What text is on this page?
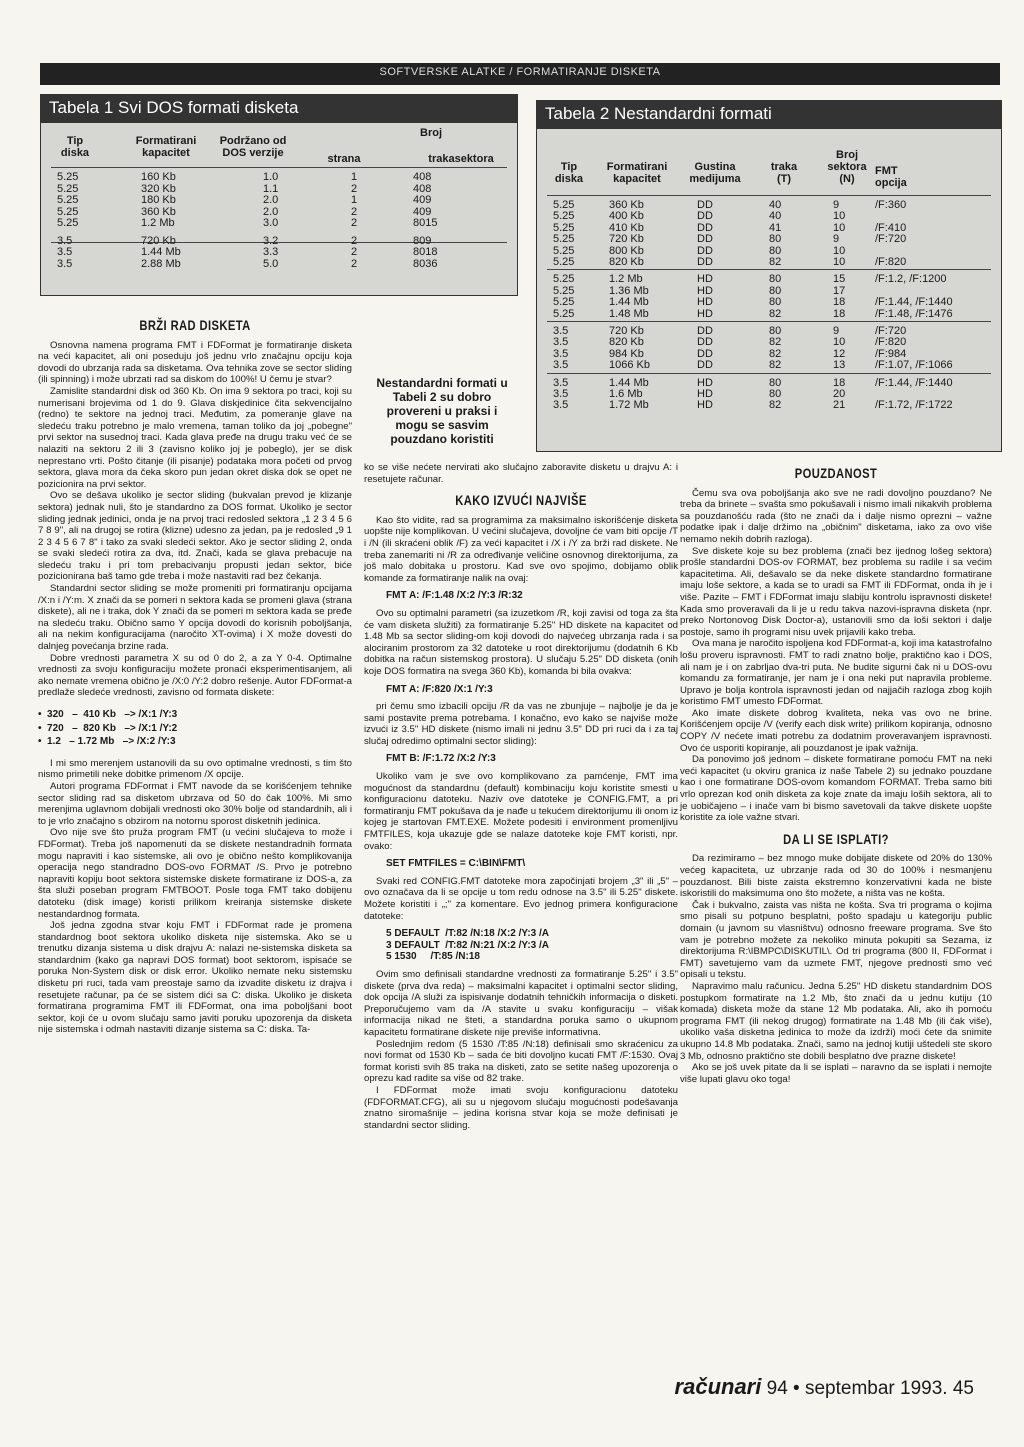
SOFTVERSKE ALATKE / FORMATIRANJE DISKETA
Tabela 1 Svi DOS formati disketa
Broj
Tip diska
Formatirani kapacitet
Podržano od DOS verzije	strana	trakasektora
5.25	160 Kb	1.0	1	408
5.25	320 Kb	1.1	2	408
5.25	180 Kb	2.0	1	409
5.25	360 Kb	2.0	2	409
5.25	1.2 Mb	3.0	2	8015
3.5	720 Kb	3.2	2	809
3.5	1.44 Mb	3.3	2	8018
3.5	2.88 Mb	5.0	2	8036
Tabela 2 Nestandardni formati
Broj sektora (N)
Tip diska
Formatirani kapacitet
Gustina medijuma
traka (T)
FMT opcija
5.25	360 Kb	DD	40	9	/F:360
5.25	400 Kb	DD	40	10
5.25	410 Kb	DD	41	10	/F:410
5.25	720 Kb	DD	80	9	/F:720
5.25	800 Kb	DD	80	10
5.25	820 Kb	DD	82	10	/F:820
5.25	1.2 Mb	HD	80	15	/F:1.2, /F:1200
5.25	1.36 Mb	HD	80	17
5.25	1.44 Mb	HD	80	18	/F:1.44, /F:1440
5.25	1.48 Mb	HD	82	18	/F:1.48, /F:1476
3.5	720 Kb	DD	80	9	/F:720
3.5	820 Kb	DD	82	10	/F:820
3.5	984 Kb	DD	82	12	/F:984
3.5	1066 Kb	DD	82	13	/F:1.07, /F:1066
3.5	1.44 Mb	HD	80	18	/F:1.44, /F:1440
3.5	1.6 Mb	HD	80	20
3.5	1.72 Mb	HD	82	21	/F:1.72, /F:1722
Nestandardni formati u Tabeli 2 su dobro provereni u praksi i mogu se sasvim pouzdano koristiti
BRŽI RAD DISKETA

Osnovna namena programa FMT i FDFormat je formatiranje disketa na veći kapacitet, ali oni poseduju još jednu vrlo značajnu opciju koja dovodi do ubrzanja rada sa disketama. Ova tehnika zove se sector sliding (ili spinning) i može ubrzati rad sa diskom do 100%! U čemu je stvar?

Zamislite standardni disk od 360 Kb. On ima 9 sektora po traci, koji su numerisani brojevima od 1 do 9. Glava diskjedinice čita sekvencijalno (redno) te sektore na jednoj traci. Međutim, za pomeranje glave na sledeću traku potrebno je malo vremena, taman toliko da joj „pobegne" prvi sektor na susednoj traci. Kada glava pređe na drugu traku već će se nalaziti na sektoru 2 ili 3 (zavisno koliko joj je pobeglo), jer se disk neprestano vrti. Pošto čitanje (ili pisanje) podataka mora početi od prvog sektora, glava mora da čeka skoro pun jedan okret diska dok se opet ne pozicionira na prvi sektor.

Ovo se dešava ukoliko je sector sliding (bukvalan prevod je klizanje sektora) jednak nuli, što je standardno za DOS format. Ukoliko je sector sliding jednak jedinici, onda je na prvoj traci redosled sektora „1 2 3 4 5 6 7 8 9", ali na drugoj se rotira (klizne) udesno za jedan, pa je redosled „9 1 2 3 4 5 6 7 8" i tako za svaki sledeći sektor. Ako je sector sliding 2, onda se svaki sledeći rotira za dva, itd. Znači, kada se glava prebacuje na sledeću traku i pri tom prebacivanju propusti jedan sektor, biće pozicionirana baš tamo gde treba i može nastaviti rad bez čekanja.

Standardni sector sliding se može promeniti pri formatiranju opcijama /X:n i /Y:m. X znači da se pomeri n sektora kada se promeni glava (strana diskete), ali ne i traka, dok Y znači da se pomeri m sektora kada se pređe na sledeću traku. Obično samo Y opcija dovodi do korisnih poboljšanja, ali na nekim konfiguracijama (naročito XT-ovima) i X može dovesti do dalnjeg povećanja brzine rada.

Dobre vrednosti parametra X su od 0 do 2, a za Y 0-4. Optimalne vrednosti za svoju konfiguraciju možete pronaći eksperimentisanjem, ali ako nemate vremena obično je /X:0 /Y:2 dobro rešenje. Autor FDFormat-a predlaže sledeće vrednosti, zavisno od formata diskete:

•  320   –  410 Kb   –> /X:1 /Y:3
•  720   –  820 Kb   –> /X:1 /Y:2
•  1.2   – 1.72 Mb   –> /X:2 /Y:3

I mi smo merenjem ustanovili da su ovo optimalne vrednosti, s tim što nismo primetili neke dobitke primenom /X opcije.

Autori programa FDFormat i FMT navode da se korišćenjem tehnike sector sliding rad sa disketom ubrzava od 50 do čak 100%. Mi smo merenjima uglavnom dobijali vrednosti oko 30% bolje od standardnih, ali i to je vrlo značajno s obzirom na notornu sporost disketnih jedinica.

Ovo nije sve što pruža program FMT (u većini slučajeva to može i FDFormat). Treba još napomenuti da se diskete nestandradnih formata mogu napraviti i kao sistemske, ali ovo je obično nešto komplikovanija operacija nego standradno DOS-ovo FORMAT /S. Prvo je potrebno napraviti kopiju boot sektora sistemske diskete formatirane iz DOS-a, za šta služi poseban program FMTBOOT. Posle toga FMT tako dobijenu datoteku (disk image) koristi prilikom kreiranja sistemske diskete nestandardnog formata.

Još jedna zgodna stvar koju FMT i FDFormat rade je promena standardnog boot sektora ukoliko disketa nije sistemska. Ako se u trenutku dizanja sistema u disk drajvu A: nalazi ne-sistemska disketa sa standardnim (kako ga napravi DOS format) boot sektorom, ispisaće se poruka Non-System disk or disk error. Ukoliko nemate neku sistemsku disketu pri ruci, tada vam preostaje samo da izvadite disketu iz drajva i resetujete računar, pa će se sistem dići sa C: diska. Ukoliko je disketa formatirana programima FMT ili FDFormat, ona ima poboljšani boot sektor, koji će u ovom slučaju samo javiti poruku upozorenja da disketa nije sistemska i odmah nastaviti dizanje sistema sa C: diska. Ta-

ko se više nećete nervirati ako slučajno zaboravite disketu u drajvu A: i resetujete računar.

KAKO IZVUĆI NAJVIŠE

Kao što vidite, rad sa programima za maksimalno iskorišćenje disketa uopšte nije komplikovan. U većini slučajeva, dovoljne će vam biti opcije /T i /N (ili skraćeni oblik /F) za veći kapacitet i /X i /Y za brži rad diskete. Ne treba zanemariti ni /R za određivanje veličine osnovnog direktorijuma, za još malo dobitaka u prostoru. Kad sve ovo spojimo, dobijamo oblik komande za formatiranje nalik na ovaj:

FMT A: /F:1.48 /X:2 /Y:3 /R:32

Ovo su optimalni parametri (sa izuzetkom /R, koji zavisi od toga za šta će vam disketa služiti) za formatiranje 5.25" HD diskete na kapacitet od 1.48 Mb sa sector sliding-om koji dovodi do najvećeg ubrzanja rada i sa alociranim prostorom za 32 datoteke u root direktorijumu (dodatnih 6 Kb dobitka na račun sistemskog prostora). U slučaju 5.25" DD disketa (onih koje DOS formatira na svega 360 Kb), komanda bi bila ovakva:

FMT A: /F:820 /X:1 /Y:3

pri čemu smo izbacili opciju /R da vas ne zbunjuje – najbolje je da je sami postavite prema potrebama. I konačno, evo kako se najviše može izvući iz 3.5" HD diskete (nismo imali ni jednu 3.5" DD pri ruci da i za taj slučaj odredimo optimalni sector sliding):

FMT B: /F:1.72 /X:2 /Y:3

Ukoliko vam je sve ovo komplikovano za pamćenje, FMT ima mogućnost da standardnu (default) kombinaciju koju koristite smesti u konfiguracionu datoteku. Naziv ove datoteke je CONFIG.FMT, a pri formatiranju FMT pokušava da je nađe u tekućem direktorijumu ili onom iz kojeg je startovan FMT.EXE. Možete podesiti i environment promenljivu FMTFILES, koja ukazuje gde se nalaze datoteke koje FMT koristi, npr. ovako:

SET FMTFILES = C:\BIN\FMT\

Svaki red CONFIG.FMT datoteke mora započinjati brojem „3" ili „5" – ovo označava da li se opcije u tom redu odnose na 3.5" ili 5.25" diskete. Možete koristiti i „;" za komentare. Evo jednog primera konfiguracione datoteke:

5 DEFAULT  /T:82 /N:18 /X:2 /Y:3 /A
3 DEFAULT  /T:82 /N:21 /X:2 /Y:3 /A
5 1530     /T:85 /N:18

Ovim smo definisali standardne vrednosti za formatiranje 5.25" i 3.5" diskete (prva dva reda) – maksimalni kapacitet i optimalni sector sliding, dok opcija /A služi za ispisivanje dodatnih tehničkih informacija o disketi. Preporučujemo vam da /A stavite u svaku konfiguraciju – višak informacija nikad ne šteti, a standardna poruka samo o ukupnom kapacitetu formatirane diskete nije previše informativna.

Poslednjim redom (5 1530 /T:85 /N:18) definisali smo skraćenicu za novi format od 1530 Kb – sada će biti dovoljno kucati FMT /F:1530. Ovaj format koristi svih 85 traka na disketi, zato se setite našeg upozorenja o oprezu kad radite sa više od 82 trake.

I FDFormat može imati svoju konfiguracionu datoteku (FDFORMAT.CFG), ali su u njegovom slučaju mogućnosti podešavanja znatno siromašnije – jedina korisna stvar koja se može definisati je standardni sector sliding.

POUZDANOST

Čemu sva ova poboljšanja ako sve ne radi dovoljno pouzdano? Ne treba da brinete – svašta smo pokušavali i nismo imali nikakvih problema sa pouzdanošću rada (što ne znači da i dalje nismo oprezni – važne podatke ipak i dalje držimo na „običnim" disketama, iako za ovo više nemamo nekih dobrih razloga).

Sve diskete koje su bez problema (znači bez ijednog lošeg sektora) prošle standardni DOS-ov FORMAT, bez problema su radile i sa većim kapacitetima. Ali, dešavalo se da neke diskete standardno formatirane imaju loše sektore, a kada se to uradi sa FMT ili FDFormat, onda ih je i više. Pazite – FMT i FDFormat imaju slabiju kontrolu ispravnosti diskete! Kada smo proveravali da li je u redu takva nazovi-ispravna disketa (npr. preko Nortonovog Disk Doctor-a), ustanovili smo da loši sektori i dalje postoje, samo ih programi nisu uvek prijavili kako treba.

Ova mana je naročito ispoljena kod FDFormat-a, koji ima katastrofalno lošu proveru ispravnosti. FMT to radi znatno bolje, praktično kao i DOS, ali nam je i on zabrljao dva-tri puta. Ne budite sigurni čak ni u DOS-ovu komandu za formatiranje, jer nam je i ona neki put napravila probleme. Upravo je bolja kontrola ispravnosti jedan od najjačih razloga zbog kojih koristimo FMT umesto FDFormat.

Ako imate diskete dobrog kvaliteta, neka vas ovo ne brine. Korišćenjem opcije /V (verify each disk write) prilikom kopiranja, odnosno COPY /V nećete imati potrebu za dodatnim proveravanjem ispravnosti. Ovo će usporiti kopiranje, ali pouzdanost je ipak važnija.

Da ponovimo još jednom – diskete formatirane pomoću FMT na neki veći kapacitet (u okviru granica iz naše Tabele 2) su jednako pouzdane kao i one formatirane DOS-ovom komandom FORMAT. Treba samo biti vrlo oprezan kod onih disketa za koje znate da imaju loših sektora, ali to je uobičajeno – i inače vam bi bismo savetovali da takve diskete uopšte koristite za iole važne stvari.

DA LI SE ISPLATI?

Da rezimiramo – bez mnogo muke dobijate diskete od 20% do 130% većeg kapaciteta, uz ubrzanje rada od 30 do 100% i nesmanjenu pouzdanost. Bili biste zaista ekstremno konzervativni kada ne biste iskoristili do maksimuma ono što možete, a ništa vas ne košta.

Čak i bukvalno, zaista vas ništa ne košta. Sva tri programa o kojima smo pisali su potpuno besplatni, pošto spadaju u kategoriju public domain (u javnom su vlasništvu) odnosno freeware programa. Sve što vam je potrebno možete za nekoliko minuta pokupiti sa Sezama, iz direktorijuma R:\IBMPC\DISKUTIL\. Od tri programa (800 II, FDFormat i FMT) savetujemo vam da uzmete FMT, njegove prednosti smo već opisali u tekstu.

Napravimo malu računicu. Jedna 5.25" HD disketu standardnim DOS postupkom formatirate na 1.2 Mb, što znači da u jednu kutiju (10 komada) disketa može da stane 12 Mb podataka. Ali, ako ih pomoću programa FMT (ili nekog drugog) formatirate na 1.48 Mb (ili čak više), ukoliko vaša disketna jedinica to može da izdrži) moći ćete da snimite ukupno 14.8 Mb podataka. Znači, samo na jednoj kutiji uštedeli ste skoro 3 Mb, odnosno praktično ste dobili besplatno dve prazne diskete!

Ako se još uvek pitate da li se isplati – naravno da se isplati i nemojte više lupati glavu oko toga!

računari 94 • septembar 1993. 45
